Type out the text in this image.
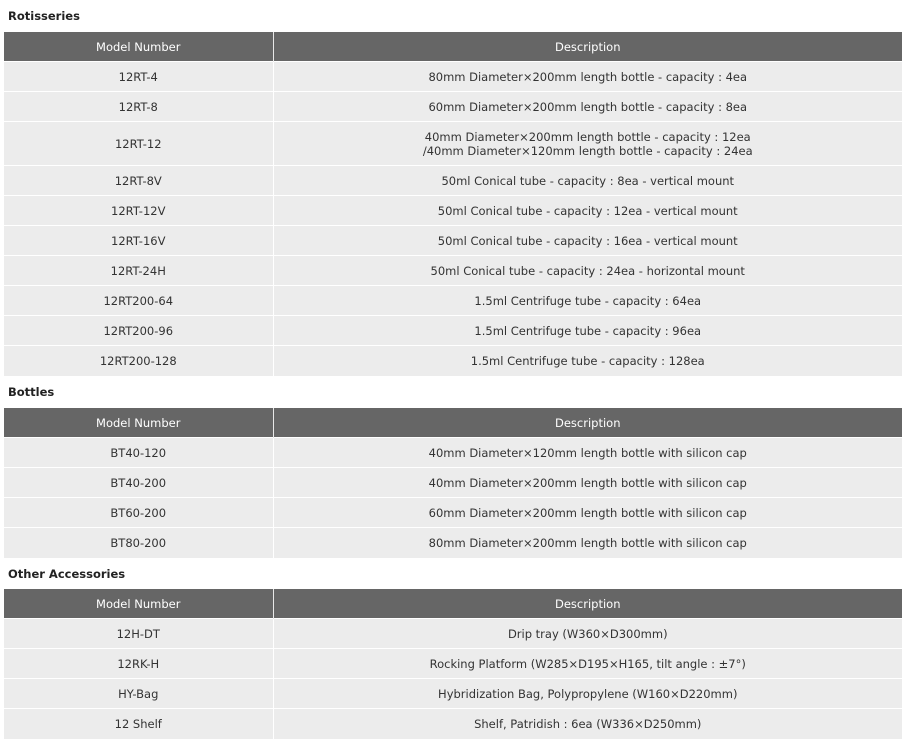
Rotisseries
Model Number	Description
12RT-4	80mm Diameter×200mm length bottle - capacity : 4ea

12RT-8	60mm Diameter×200mm length bottle - capacity : 8ea

12RT-12	40mm Diameter×200mm length bottle - capacity : 12ea
/40mm Diameter×120mm length bottle - capacity : 24ea

12RT-8V	50ml Conical tube - capacity : 8ea - vertical mount

12RT-12V	50ml Conical tube - capacity : 12ea - vertical mount

12RT-16V	50ml Conical tube - capacity : 16ea - vertical mount

12RT-24H	50ml Conical tube - capacity : 24ea - horizontal mount

12RT200-64	1.5ml Centrifuge tube - capacity : 64ea

12RT200-96	1.5ml Centrifuge tube - capacity : 96ea

12RT200-128	1.5ml Centrifuge tube - capacity : 128ea
Bottles
Model Number	Description
BT40-120	40mm Diameter×120mm length bottle with silicon cap

BT40-200	40mm Diameter×200mm length bottle with silicon cap

BT60-200	60mm Diameter×200mm length bottle with silicon cap

BT80-200	80mm Diameter×200mm length bottle with silicon cap
Other Accessories
Model Number	Description
12H-DT	Drip tray (W360×D300mm)

12RK-H	Rocking Platform (W285×D195×H165, tilt angle : ±7°)

HY-Bag	Hybridization Bag, Polypropylene (W160×D220mm)

12 Shelf	Shelf, Patridish : 6ea (W336×D250mm)
